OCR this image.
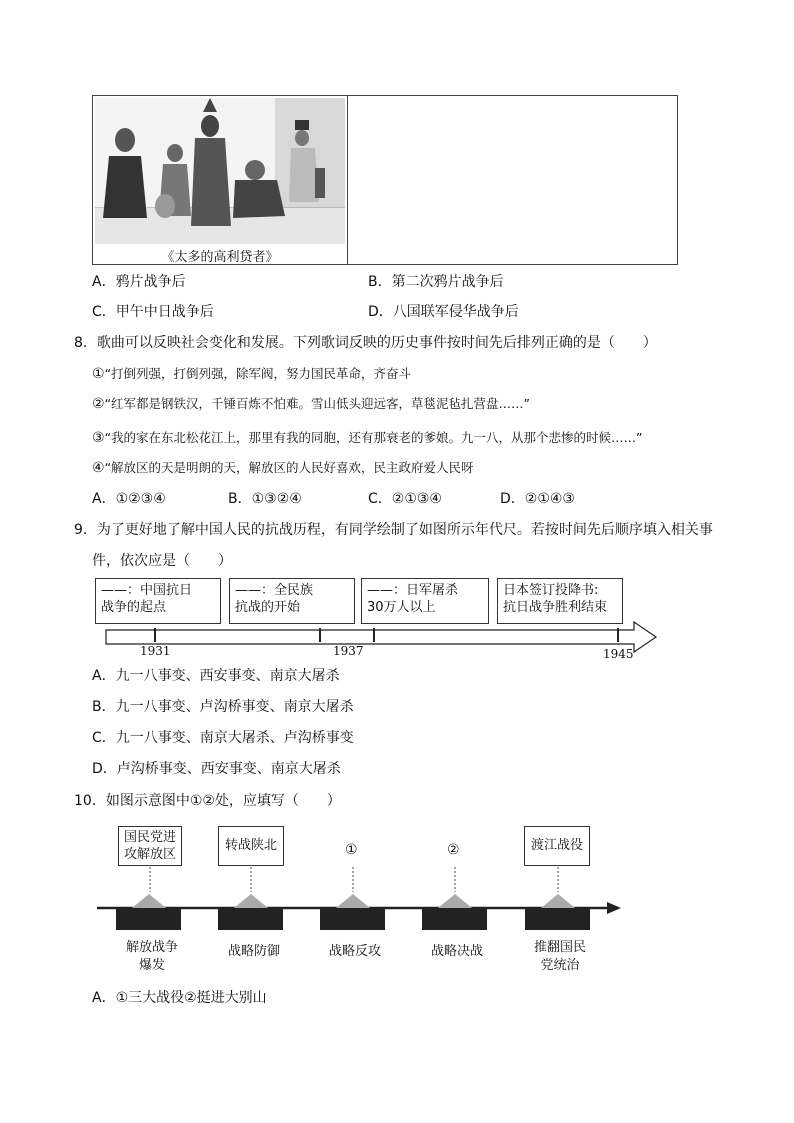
《太多的高利贷者》
A．鸦片战争后	B．第二次鸦片战争后
C．甲午中日战争后	D．八国联军侵华战争后
8．歌曲可以反映社会变化和发展。下列歌词反映的历史事件按时间先后排列正确的是（　　）
①“打倒列强，打倒列强，除军阀，努力国民革命，齐奋斗
②“红军都是钢铁汉，千锤百炼不怕难。雪山低头迎远客，草毯泥毡扎营盘……”
③“我的家在东北松花江上，那里有我的同胞，还有那衰老的爹娘。九一八，从那个悲惨的时候……”
④“解放区的天是明朗的天，解放区的人民好喜欢，民主政府爱人民呀
A．①②③④	B．①③②④	C．②①③④	D．②①④③
9．为了更好地了解中国人民的抗战历程，有同学绘制了如图所示年代尺。若按时间先后顺序填入相关事
件，依次应是（　　）
——：中国抗日
战争的起点
——：全民族
抗战的开始
——：日军屠杀
30万人以上
日本签订投降书:
抗日战争胜利结束
1931	1937	1945
A．九一八事变、西安事变、南京大屠杀
B．九一八事变、卢沟桥事变、南京大屠杀
C．九一八事变、南京大屠杀、卢沟桥事变
D．卢沟桥事变、西安事变、南京大屠杀
10．如图示意图中①②处，应填写（　　）
国民党进
攻解放区
转战陕北	①	②	渡江战役
解放战争
爆发
战略防御	战略反攻	战略决战	推翻国民
党统治
A．①三大战役②挺进大别山
